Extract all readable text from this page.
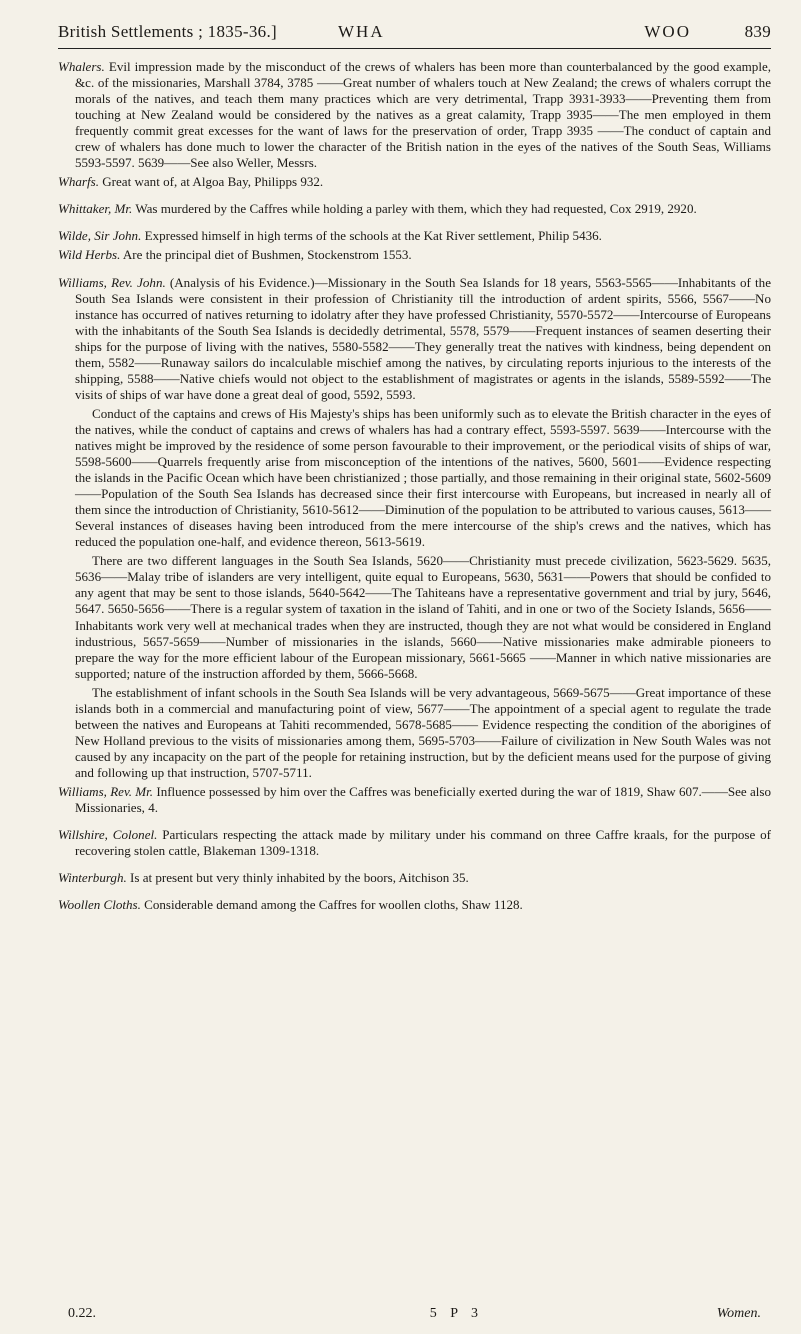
British Settlements ; 1835-36.]	WHA	WOO	839
Whalers. Evil impression made by the misconduct of the crews of whalers has been more than counterbalanced by the good example, &c. of the missionaries, Marshall 3784, 3785 ——Great number of whalers touch at New Zealand; the crews of whalers corrupt the morals of the natives, and teach them many practices which are very detrimental, Trapp 3931-3933——Preventing them from touching at New Zealand would be considered by the natives as a great calamity, Trapp 3935——The men employed in them frequently commit great excesses for the want of laws for the preservation of order, Trapp 3935 ——The conduct of captain and crew of whalers has done much to lower the character of the British nation in the eyes of the natives of the South Seas, Williams 5593-5597. 5639——See also Weller, Messrs.
Wharfs. Great want of, at Algoa Bay, Philipps 932.
Whittaker, Mr. Was murdered by the Caffres while holding a parley with them, which they had requested, Cox 2919, 2920.
Wilde, Sir John. Expressed himself in high terms of the schools at the Kat River settlement, Philip 5436.
Wild Herbs. Are the principal diet of Bushmen, Stockenstrom 1553.
Williams, Rev. John. (Analysis of his Evidence.)—Missionary in the South Sea Islands for 18 years, 5563-5565——Inhabitants of the South Sea Islands were consistent in their profession of Christianity till the introduction of ardent spirits, 5566, 5567——No instance has occurred of natives returning to idolatry after they have professed Christianity, 5570-5572——Intercourse of Europeans with the inhabitants of the South Sea Islands is decidedly detrimental, 5578, 5579——Frequent instances of seamen deserting their ships for the purpose of living with the natives, 5580-5582——They generally treat the natives with kindness, being dependent on them, 5582——Runaway sailors do incalculable mischief among the natives, by circulating reports injurious to the interests of the shipping, 5588——Native chiefs would not object to the establishment of magistrates or agents in the islands, 5589-5592——The visits of ships of war have done a great deal of good, 5592, 5593.
Conduct of the captains and crews of His Majesty's ships has been uniformly such as to elevate the British character in the eyes of the natives, while the conduct of captains and crews of whalers has had a contrary effect, 5593-5597. 5639——Intercourse with the natives might be improved by the residence of some person favourable to their improvement, or the periodical visits of ships of war, 5598-5600——Quarrels frequently arise from misconception of the intentions of the natives, 5600, 5601——Evidence respecting the islands in the Pacific Ocean which have been christianized ; those partially, and those remaining in their original state, 5602-5609——Population of the South Sea Islands has decreased since their first intercourse with Europeans, but increased in nearly all of them since the introduction of Christianity, 5610-5612——Diminution of the population to be attributed to various causes, 5613——Several instances of diseases having been introduced from the mere intercourse of the ship's crews and the natives, which has reduced the population one-half, and evidence thereon, 5613-5619.
There are two different languages in the South Sea Islands, 5620——Christianity must precede civilization, 5623-5629. 5635, 5636——Malay tribe of islanders are very intelligent, quite equal to Europeans, 5630, 5631——Powers that should be confided to any agent that may be sent to those islands, 5640-5642——The Tahiteans have a representative government and trial by jury, 5646, 5647. 5650-5656——There is a regular system of taxation in the island of Tahiti, and in one or two of the Society Islands, 5656—— Inhabitants work very well at mechanical trades when they are instructed, though they are not what would be considered in England industrious, 5657-5659——Number of missionaries in the islands, 5660——Native missionaries make admirable pioneers to prepare the way for the more efficient labour of the European missionary, 5661-5665 ——Manner in which native missionaries are supported; nature of the instruction afforded by them, 5666-5668.
The establishment of infant schools in the South Sea Islands will be very advantageous, 5669-5675——Great importance of these islands both in a commercial and manufacturing point of view, 5677——The appointment of a special agent to regulate the trade between the natives and Europeans at Tahiti recommended, 5678-5685—— Evidence respecting the condition of the aborigines of New Holland previous to the visits of missionaries among them, 5695-5703——Failure of civilization in New South Wales was not caused by any incapacity on the part of the people for retaining instruction, but by the deficient means used for the purpose of giving and following up that instruction, 5707-5711.
Williams, Rev. Mr. Influence possessed by him over the Caffres was beneficially exerted during the war of 1819, Shaw 607.——See also Missionaries, 4.
Willshire, Colonel. Particulars respecting the attack made by military under his command on three Caffre kraals, for the purpose of recovering stolen cattle, Blakeman 1309-1318.
Winterburgh. Is at present but very thinly inhabited by the boors, Aitchison 35.
Woollen Cloths. Considerable demand among the Caffres for woollen cloths, Shaw 1128.
0.22.	5 P 3	Women.
